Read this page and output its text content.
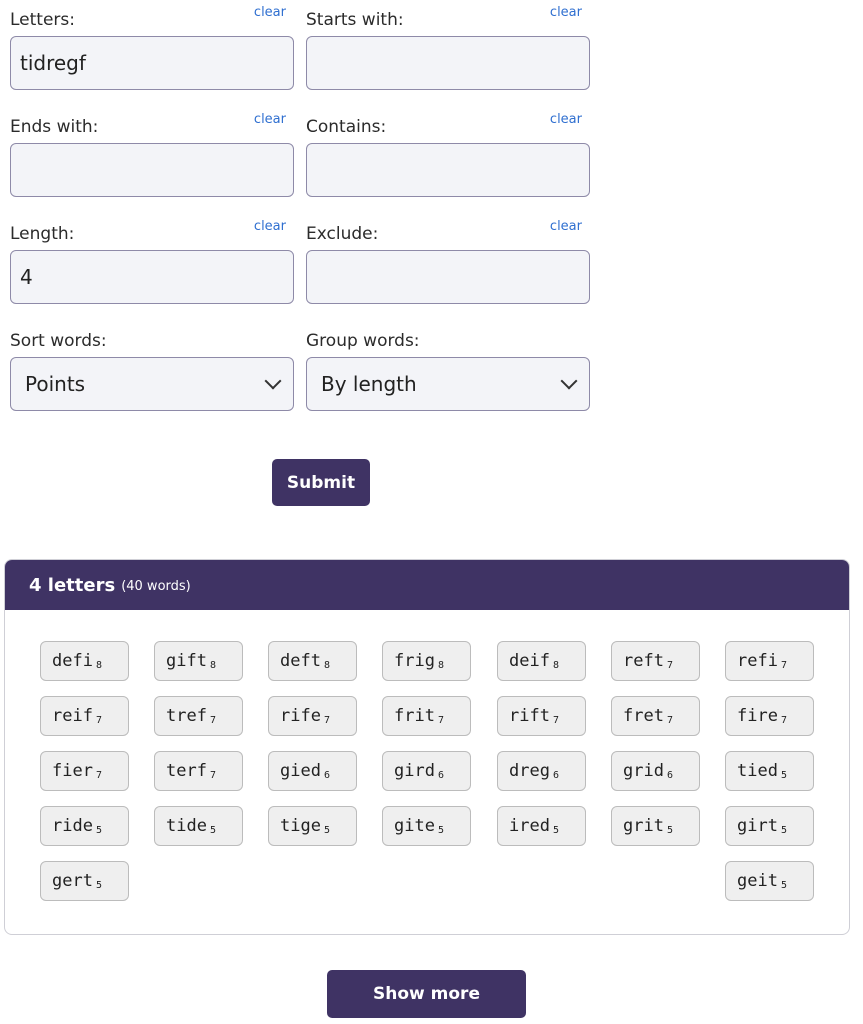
Letters:	clear
tidregf Starts with:	clear
Ends with:	clear Contains:	clear
Length:	clear
4 Exclude:	clear
Sort words:
Points
Group words:
By length
Submit
4 letters (40 words)
defi 8	gift 8	deft 8	frig 8	deif 8	reft 7	refi 7
reif 7	tref 7	rife 7	frit 7	rift 7	fret 7	fire 7
fier 7	terf 7	gied 6	gird 6	dreg 6	grid 6	tied 5
ride 5	tide 5	tige 5	gite 5	ired 5	grit 5	girt 5
gert 5	geit 5
Show more
